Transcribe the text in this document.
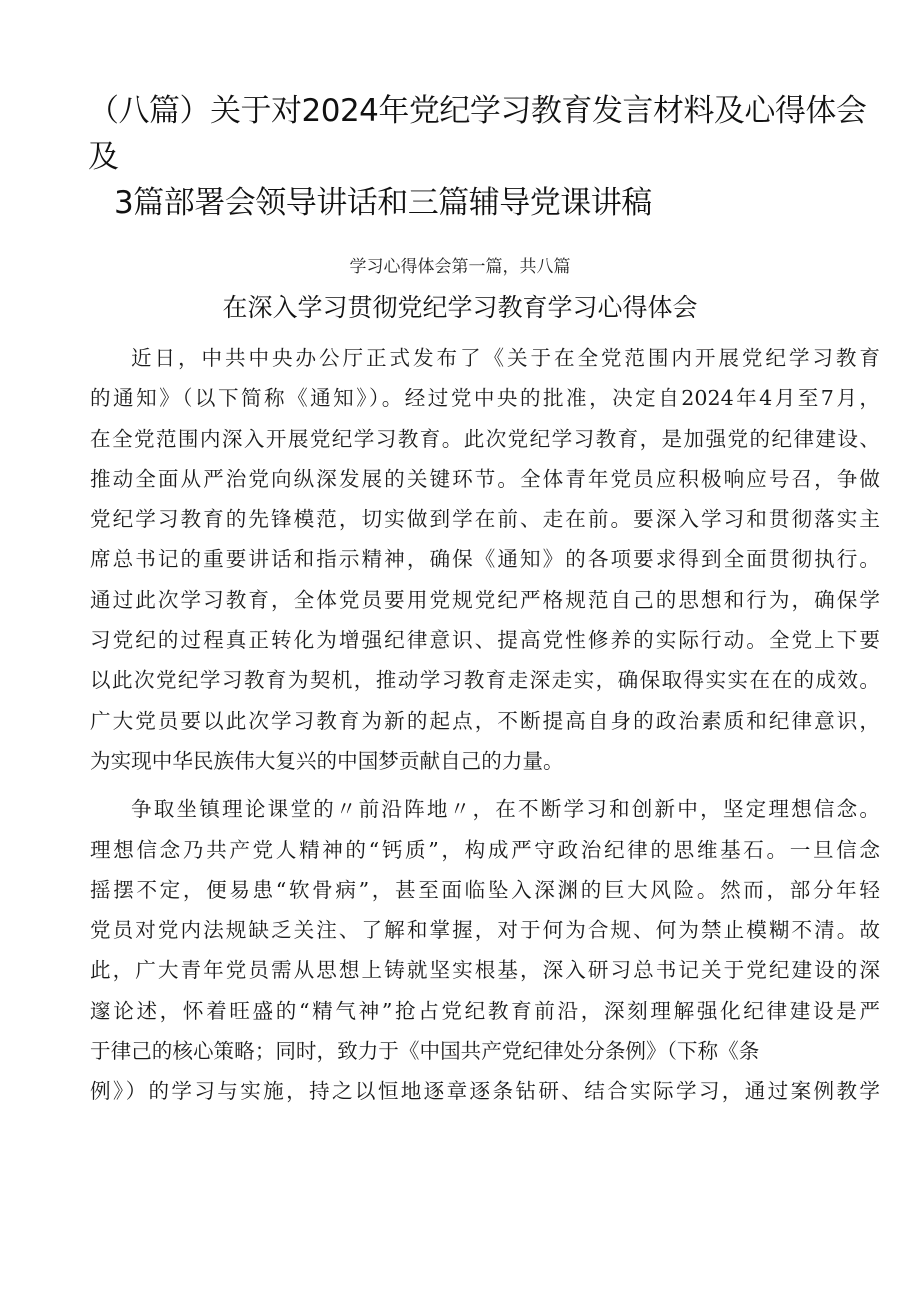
（八篇）关于对2024年党纪学习教育发言材料及心得体会及
3篇部署会领导讲话和三篇辅导党课讲稿
学习心得体会第一篇，共八篇
在深入学习贯彻党纪学习教育学习心得体会
近日，中共中央办公厅正式发布了《关于在全党范围内开展党纪学习教育
的通知》（以下简称《通知》）。经过党中央的批准，决定自2024年4月至7月，
在全党范围内深入开展党纪学习教育。此次党纪学习教育，是加强党的纪律建设、
推动全面从严治党向纵深发展的关键环节。全体青年党员应积极响应号召，争做
党纪学习教育的先锋模范，切实做到学在前、走在前。要深入学习和贯彻落实主
席总书记的重要讲话和指示精神，确保《通知》的各项要求得到全面贯彻执行。
通过此次学习教育，全体党员要用党规党纪严格规范自己的思想和行为，确保学
习党纪的过程真正转化为增强纪律意识、提高党性修养的实际行动。全党上下要
以此次党纪学习教育为契机，推动学习教育走深走实，确保取得实实在在的成效。
广大党员要以此次学习教育为新的起点，不断提高自身的政治素质和纪律意识，
为实现中华民族伟大复兴的中国梦贡献自己的力量。
争取坐镇理论课堂的〃前沿阵地〃，在不断学习和创新中，坚定理想信念。
理想信念乃共产党人精神的“钙质”，构成严守政治纪律的思维基石。一旦信念
摇摆不定，便易患“软骨病”，甚至面临坠入深渊的巨大风险。然而，部分年轻
党员对党内法规缺乏关注、了解和掌握，对于何为合规、何为禁止模糊不清。故
此，广大青年党员需从思想上铸就坚实根基，深入研习总书记关于党纪建设的深
邃论述，怀着旺盛的“精气神”抢占党纪教育前沿，深刻理解强化纪律建设是严
于律己的核心策略；同时，致力于《中国共产党纪律处分条例》（下称《条
例》）的学习与实施，持之以恒地逐章逐条钻研、结合实际学习，通过案例教学
